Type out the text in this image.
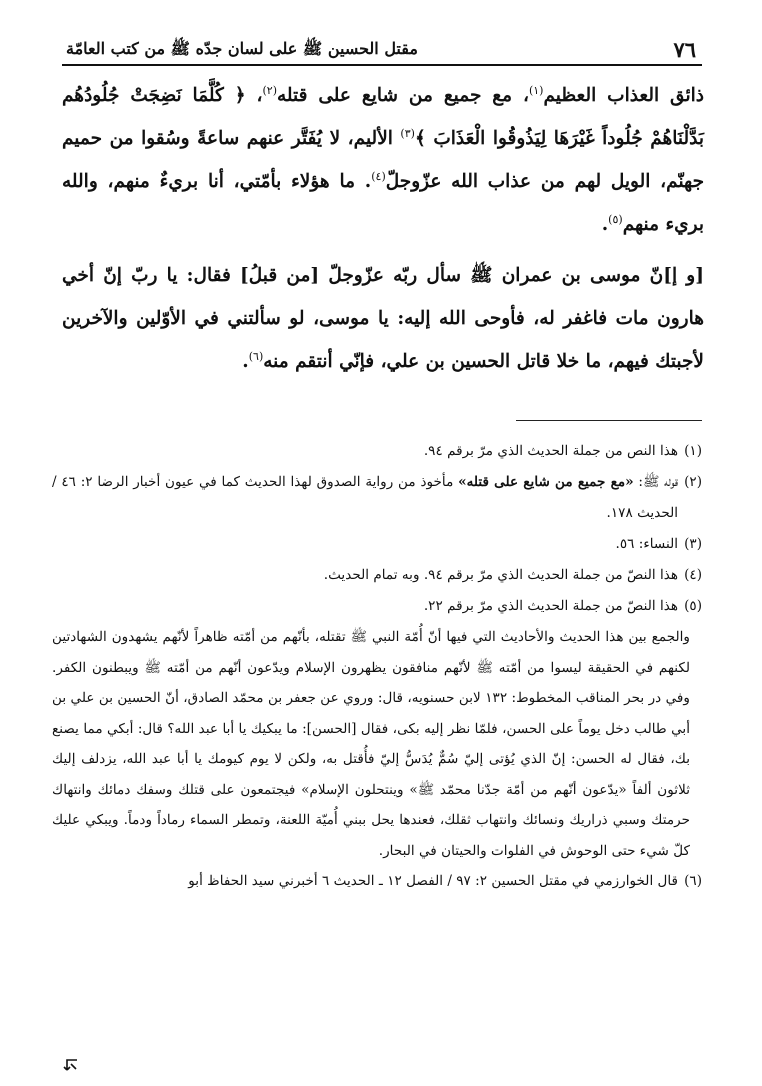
٧٦
مقتل الحسين ﷺ على لسان جدّه ﷺ من كتب العامّة

ذائق العذاب العظيم$^{(١)}$، مع جميع من شايع على قتله$^{(٢)}$، ﴿ كُلَّمَا نَضِجَتْ جُلُودُهُم بَدَّلْنَاهُمْ جُلُوداً غَيْرَهَا لِيَذُوقُوا الْعَذَابَ ﴾$^{(٣)}$ الأليم، لا يُفَتَّر عنهم ساعةً وسُقوا من حميم جهنّم، الويل لهم من عذاب الله عزّوجلّ$^{(٤)}$. ما هؤلاء بأمّتي، أنا بريءٌ منهم، والله بريء منهم$^{(٥)}$.

[و إ]نّ موسى بن عمران ﷺ سأل ربّه عزّوجلّ [من قبلُ] فقال: يا ربّ إنّ أخي هارون مات فاغفر له، فأوحى الله إليه: يا موسى، لو سألتني في الأوّلين والآخرين لأجبتك فيهم، ما خلا قاتل الحسين بن علي، فإنّي أنتقم منه$^{(٦)}$.

(١)
هذا النص من جملة الحديث الذي مرّ برقم ٩٤.
(٢)
قوله ﷺ: «مع جميع من شايع على قتله» مأخوذ من رواية الصدوق لهذا الحديث كما في عيون أخبار الرضا ٢: ٤٦ / الحديث ١٧٨.
(٣)
النساء: ٥٦.
(٤)
هذا النصّ من جملة الحديث الذي مرّ برقم ٩٤. وبه تمام الحديث.
(٥)
هذا النصّ من جملة الحديث الذي مرّ برقم ٢٢.
والجمع بين هذا الحديث والأحاديث التي فيها أنّ أُمّة النبي ﷺ تقتله، بأنّهم من أمّته ظاهراً لأنّهم يشهدون الشهادتين لكنهم في الحقيقة ليسوا من أمّته ﷺ لأنّهم منافقون يظهرون الإسلام ويدّعون أنّهم من أمّته ﷺ ويبطنون الكفر. وفي در بحر المناقب المخطوط: ١٣٢ لابن حسنويه، قال: وروي عن جعفر بن محمّد الصادق، أنّ الحسين بن علي بن أبي طالب دخل يوماً على الحسن، فلمّا نظر إليه بكى، فقال [الحسن]: ما يبكيك يا أبا عبد الله؟ قال: أبكي مما يصنع بك، فقال له الحسن: إنّ الذي يُؤتى إليّ سُمٌّ يُدَسُّ إليّ فأُقتل به، ولكن لا يوم كيومك يا أبا عبد الله، يزدلف إليك ثلاثون ألفاً «يدّعون أنّهم من أمّة جدّنا محمّد ﷺ» وينتحلون الإسلام» فيجتمعون على قتلك وسفك دمائك وانتهاك حرمتك وسبي ذراريك ونسائك وانتهاب ثقلك، فعندها يحل ببني أُميّة اللعنة، وتمطر السماء رماداً ودماً. ويبكي عليك كلّ شيء حتى الوحوش في الفلوات والحيتان في البحار.
(٦)
قال الخوارزمي في مقتل الحسين ٢: ٩٧ / الفصل ١٢ ـ الحديث ٦ أخبرني سيد الحفاظ أبو
